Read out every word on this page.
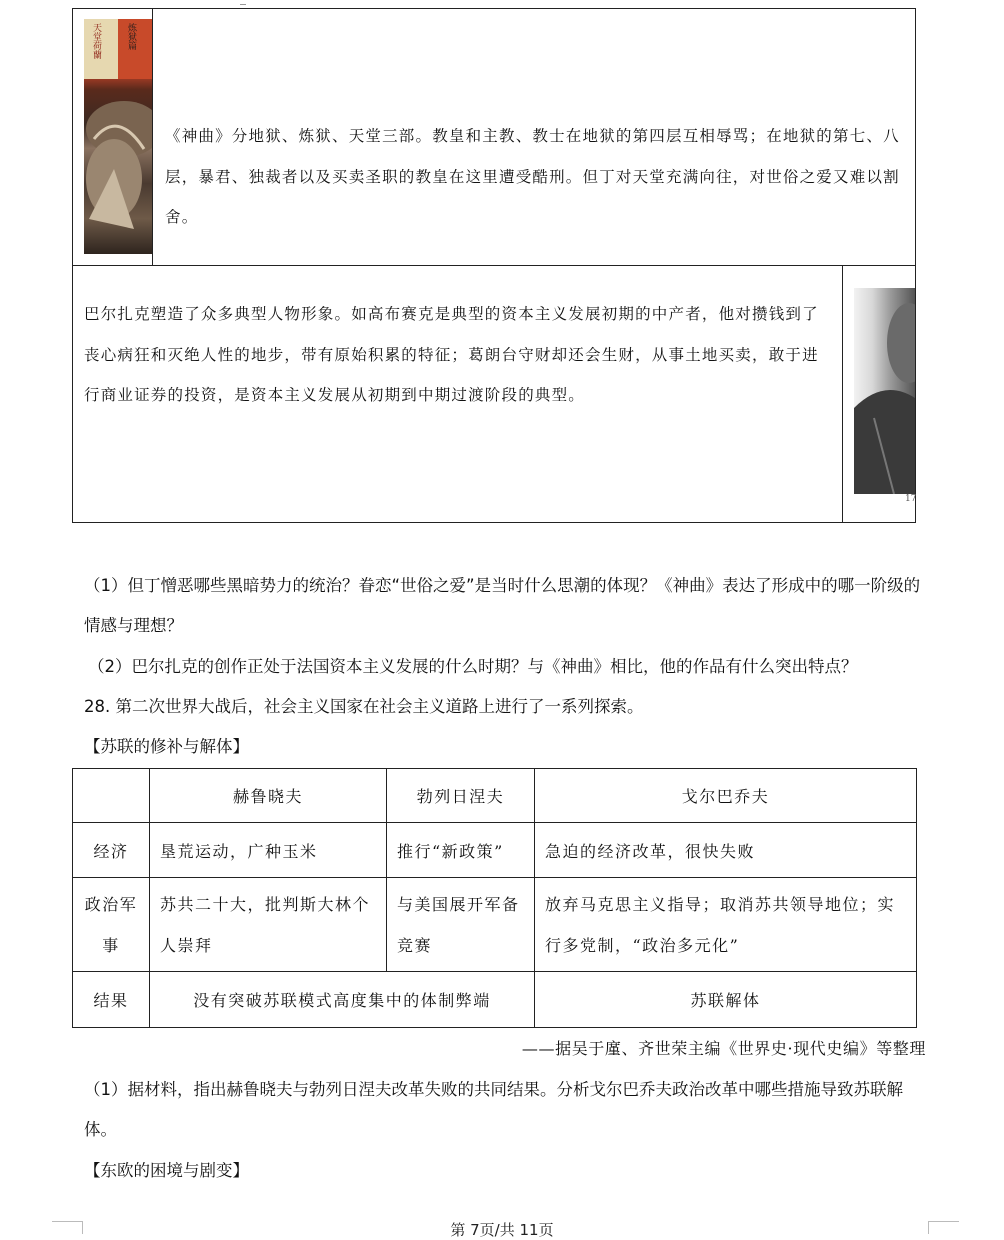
天堂荷蘭	炼狱篇
《神曲》分地狱、炼狱、天堂三部。教皇和主教、教士在地狱的第四层互相辱骂；在地狱的第七、八层，暴君、独裁者以及买卖圣职的教皇在这里遭受酷刑。但丁对天堂充满向往，对世俗之爱又难以割舍。
巴尔扎克塑造了众多典型人物形象。如高布赛克是典型的资本主义发展初期的中产者，他对攒钱到了丧心病狂和灭绝人性的地步，带有原始积累的特征；葛朗台守财却还会生财，从事土地买卖，敢于进行商业证券的投资，是资本主义发展从初期到中期过渡阶段的典型。
17
（1）但丁憎恶哪些黑暗势力的统治？眷恋“世俗之爱”是当时什么思潮的体现？《神曲》表达了形成中的哪一阶级的情感与理想？
（2）巴尔扎克的创作正处于法国资本主义发展的什么时期？与《神曲》相比，他的作品有什么突出特点？
28. 第二次世界大战后，社会主义国家在社会主义道路上进行了一系列探索。
【苏联的修补与解体】
	赫鲁晓夫	勃列日涅夫	戈尔巴乔夫
经济	垦荒运动，广种玉米	推行“新政策”	急迫的经济改革，很快失败
政治军事	苏共二十大，批判斯大林个人崇拜	与美国展开军备竞赛	放弃马克思主义指导；取消苏共领导地位；实行多党制，“政治多元化”
结果	没有突破苏联模式高度集中的体制弊端		苏联解体
——据吴于廑、齐世荣主编《世界史·现代史编》等整理
（1）据材料，指出赫鲁晓夫与勃列日涅夫改革失败的共同结果。分析戈尔巴乔夫政治改革中哪些措施导致苏联解体。
【东欧的困境与剧变】
第 7页/共 11页
